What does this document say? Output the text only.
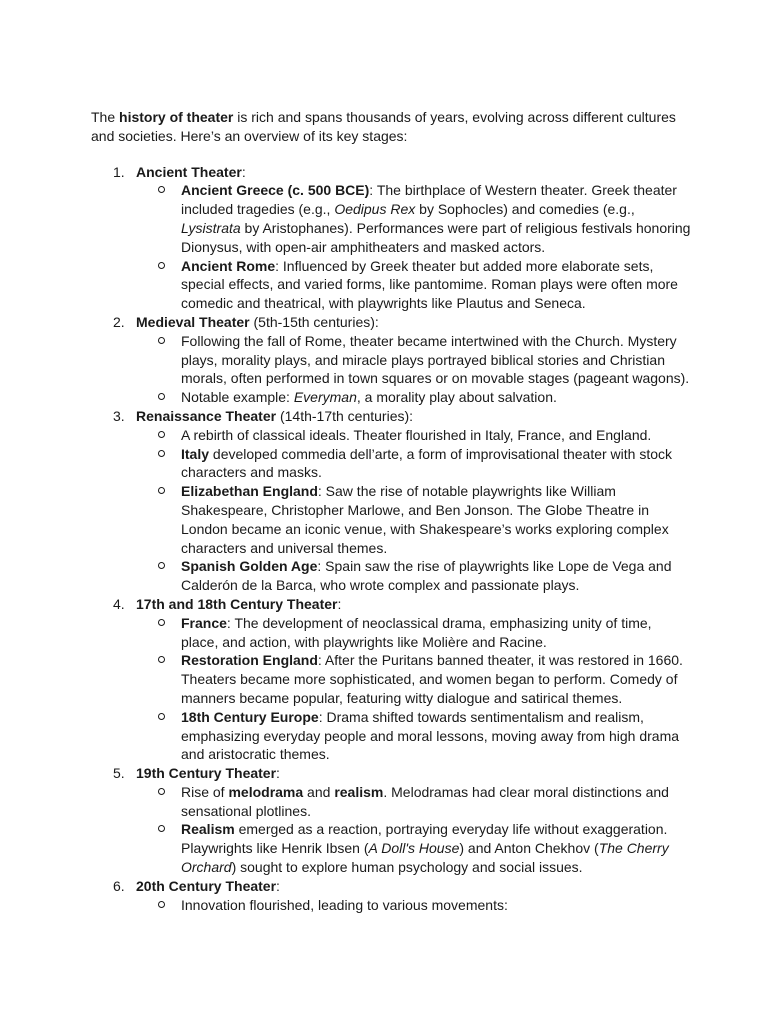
The history of theater is rich and spans thousands of years, evolving across different cultures and societies. Here’s an overview of its key stages:

1. Ancient Theater:
Ancient Greece (c. 500 BCE): The birthplace of Western theater. Greek theater included tragedies (e.g., Oedipus Rex by Sophocles) and comedies (e.g., Lysistrata by Aristophanes). Performances were part of religious festivals honoring Dionysus, with open-air amphitheaters and masked actors.
Ancient Rome: Influenced by Greek theater but added more elaborate sets, special effects, and varied forms, like pantomime. Roman plays were often more comedic and theatrical, with playwrights like Plautus and Seneca.
2. Medieval Theater (5th-15th centuries):
Following the fall of Rome, theater became intertwined with the Church. Mystery plays, morality plays, and miracle plays portrayed biblical stories and Christian morals, often performed in town squares or on movable stages (pageant wagons).
Notable example: Everyman, a morality play about salvation.
3. Renaissance Theater (14th-17th centuries):
A rebirth of classical ideals. Theater flourished in Italy, France, and England.
Italy developed commedia dell’arte, a form of improvisational theater with stock characters and masks.
Elizabethan England: Saw the rise of notable playwrights like William Shakespeare, Christopher Marlowe, and Ben Jonson. The Globe Theatre in London became an iconic venue, with Shakespeare’s works exploring complex characters and universal themes.
Spanish Golden Age: Spain saw the rise of playwrights like Lope de Vega and Calderón de la Barca, who wrote complex and passionate plays.
4. 17th and 18th Century Theater:
France: The development of neoclassical drama, emphasizing unity of time, place, and action, with playwrights like Molière and Racine.
Restoration England: After the Puritans banned theater, it was restored in 1660. Theaters became more sophisticated, and women began to perform. Comedy of manners became popular, featuring witty dialogue and satirical themes.
18th Century Europe: Drama shifted towards sentimentalism and realism, emphasizing everyday people and moral lessons, moving away from high drama and aristocratic themes.
5. 19th Century Theater:
Rise of melodrama and realism. Melodramas had clear moral distinctions and sensational plotlines.
Realism emerged as a reaction, portraying everyday life without exaggeration. Playwrights like Henrik Ibsen (A Doll's House) and Anton Chekhov (The Cherry Orchard) sought to explore human psychology and social issues.
6. 20th Century Theater:
Innovation flourished, leading to various movements:
